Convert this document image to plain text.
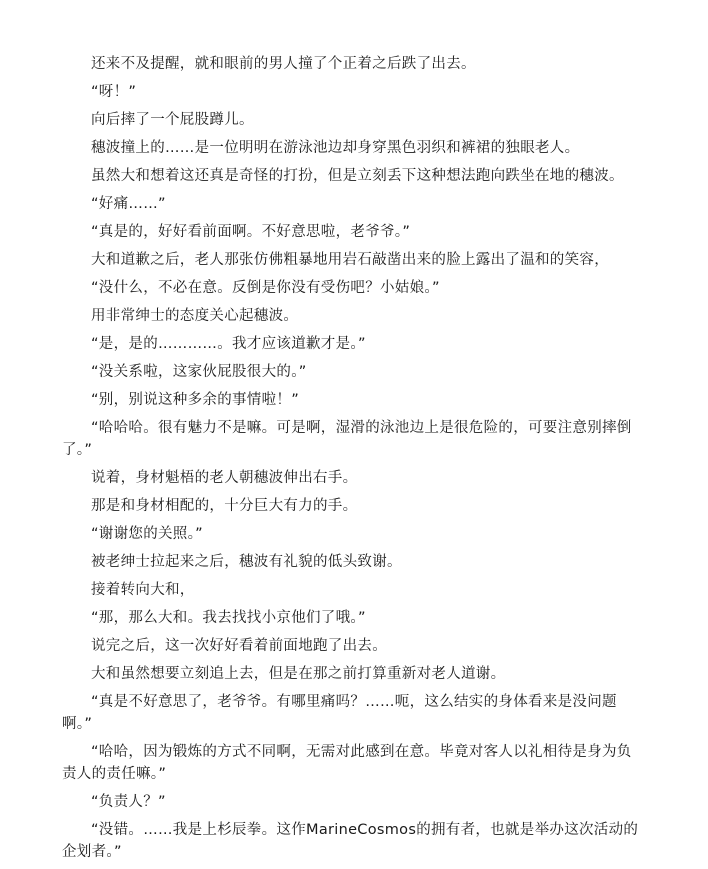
还来不及提醒，就和眼前的男人撞了个正着之后跌了出去。

“呀！”

向后摔了一个屁股蹲儿。

穗波撞上的……是一位明明在游泳池边却身穿黑色羽织和裤裙的独眼老人。

虽然大和想着这还真是奇怪的打扮，但是立刻丢下这种想法跑向跌坐在地的穗波。

“好痛……”

“真是的，好好看前面啊。不好意思啦，老爷爷。”

大和道歉之后，老人那张仿佛粗暴地用岩石敲凿出来的脸上露出了温和的笑容，

“没什么，不必在意。反倒是你没有受伤吧？小姑娘。”

用非常绅士的态度关心起穗波。

“是，是的…………。我才应该道歉才是。”

“没关系啦，这家伙屁股很大的。”

“别，别说这种多余的事情啦！”

“哈哈哈。很有魅力不是嘛。可是啊，湿滑的泳池边上是很危险的，可要注意别摔倒了。”

说着，身材魁梧的老人朝穗波伸出右手。

那是和身材相配的，十分巨大有力的手。

“谢谢您的关照。”

被老绅士拉起来之后，穗波有礼貌的低头致谢。

接着转向大和，

“那，那么大和。我去找找小京他们了哦。”

说完之后，这一次好好看着前面地跑了出去。

大和虽然想要立刻追上去，但是在那之前打算重新对老人道谢。

“真是不好意思了，老爷爷。有哪里痛吗？……呃，这么结实的身体看来是没问题啊。”

“哈哈，因为锻炼的方式不同啊，无需对此感到在意。毕竟对客人以礼相待是身为负责人的责任嘛。”

“负责人？”

“没错。……我是上杉辰拳。这作MarineCosmos的拥有者，也就是举办这次活动的企划者。”
